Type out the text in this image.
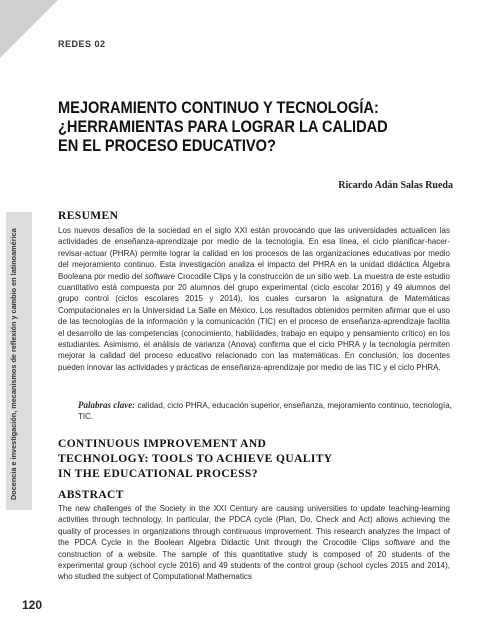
REDES 02
MEJORAMIENTO CONTINUO Y TECNOLOGÍA:
¿HERRAMIENTAS PARA LOGRAR LA CALIDAD
EN EL PROCESO EDUCATIVO?
Ricardo Adán Salas Rueda
Docencia e investigación, mecanismos de reflexión y cambio en latinoamérica
RESUMEN

Los nuevos desafíos de la sociedad en el siglo XXI están provocando que las universidades actualicen las actividades de enseñanza-aprendizaje por medio de la tecnología. En esa línea, el ciclo planificar-hacer-revisar-actuar (PHRA) permite lograr la calidad en los procesos de las organizaciones educativas por medio del mejoramiento continuo. Esta investigación analiza el impacto del PHRA en la unidad didáctica Álgebra Booleana por medio del software Crocodile Clips y la construcción de un sitio web. La muestra de este estudio cuantitativo está compuesta por 20 alumnos del grupo experimental (ciclo escolar 2016) y 49 alumnos del grupo control (ciclos escolares 2015 y 2014), los cuales cursaron la asignatura de Matemáticas Computacionales en la Universidad La Salle en México. Los resultados obtenidos permiten afirmar que el uso de las tecnologías de la información y la comunicación (TIC) en el proceso de enseñanza-aprendizaje facilita el desarrollo de las competencias (conocimiento, habilidades, trabajo en equipo y pensamiento crítico) en los estudiantes. Asimismo, el análisis de varianza (Anova) confirma que el ciclo PHRA y la tecnología permiten mejorar la calidad del proceso educativo relacionado con las matemáticas. En conclusión, los docentes pueden innovar las actividades y prácticas de enseñanza-aprendizaje por medio de las TIC y el ciclo PHRA.

Palabras clave: calidad, ciclo PHRA, educación superior, enseñanza, mejoramiento continuo, tecnología, TIC.

CONTINUOUS IMPROVEMENT AND
TECHNOLOGY: TOOLS TO ACHIEVE QUALITY
IN THE EDUCATIONAL PROCESS?
ABSTRACT

The new challenges of the Society in the XXI Century are causing universities to update teaching-learning activities through technology. In particular, the PDCA cycle (Plan, Do, Check and Act) allows achieving the quality of processes in organizations through continuous improvement. This research analyzes the impact of the PDCA Cycle in the Boolean Algebra Didactic Unit through the Crocodile Clips software and the construction of a website. The sample of this quantitative study is composed of 20 students of the experimental group (school cycle 2016) and 49 students of the control group (school cycles 2015 and 2014), who studied the subject of Computational Mathematics

120
